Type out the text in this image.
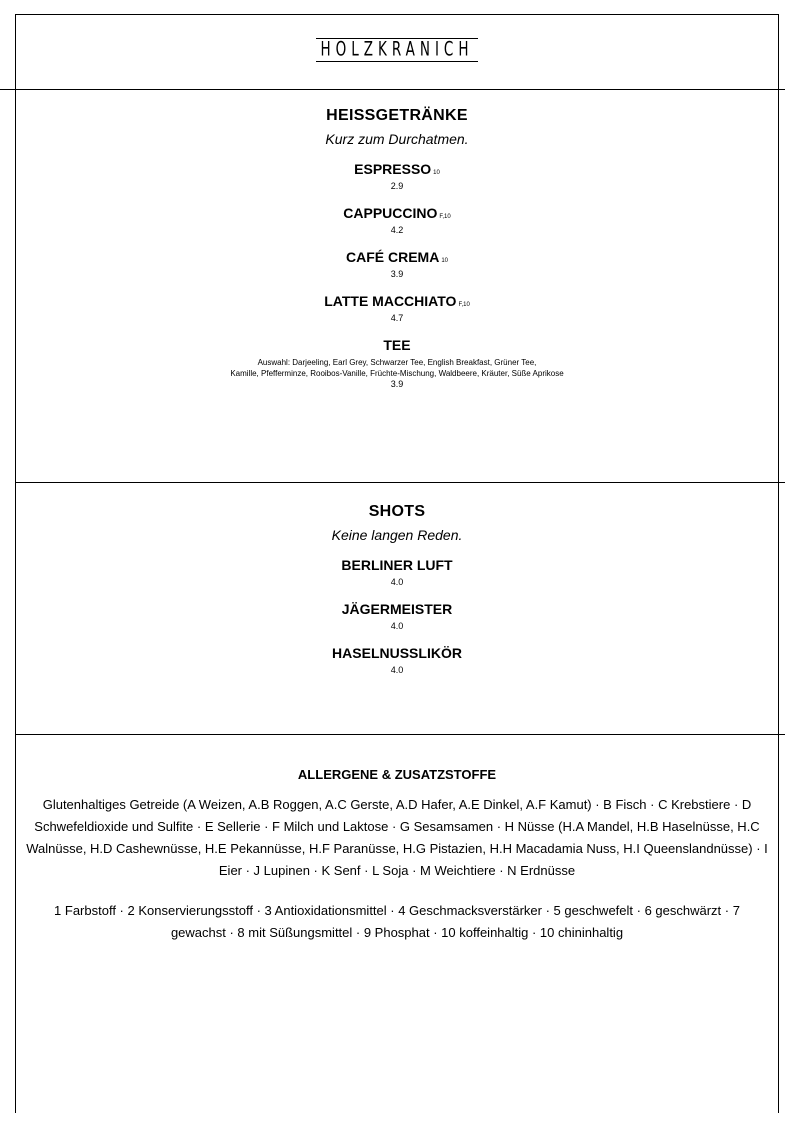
HOLZKRANICH
HEISSGETRÄNKE
Kurz zum Durchatmen.
ESPRESSO 10
2.9
CAPPUCCINO F,10
4.2
CAFÉ CREMA 10
3.9
LATTE MACCHIATO F,10
4.7
TEE
Auswahl: Darjeeling, Earl Grey, Schwarzer Tee, English Breakfast, Grüner Tee,
Kamille, Pfefferminze, Rooibos-Vanille, Früchte-Mischung, Waldbeere, Kräuter, Süße Aprikose
3.9
SHOTS
Keine langen Reden.
BERLINER LUFT
4.0
JÄGERMEISTER
4.0
HASELNUSSLIKÖR
4.0
ALLERGENE & ZUSATZSTOFFE
Glutenhaltiges Getreide (A Weizen, A.B Roggen, A.C Gerste, A.D Hafer, A.E Dinkel, A.F Kamut) · B Fisch · C Krebstiere · D Schwefeldioxide und Sulfite · E Sellerie · F Milch und Laktose · G Sesamsamen · H Nüsse (H.A Mandel, H.B Haselnüsse, H.C Walnüsse, H.D Cashewnüsse, H.E Pekannüsse, H.F Paranüsse, H.G Pistazien, H.H Macadamia Nuss, H.I Queenslandnüsse) · I Eier · J Lupinen · K Senf · L Soja · M Weichtiere · N Erdnüsse
1 Farbstoff · 2 Konservierungsstoff · 3 Antioxidationsmittel · 4 Geschmacksverstärker · 5 geschwefelt · 6 geschwärzt · 7 gewachst · 8 mit Süßungsmittel · 9 Phosphat · 10 koffeinhaltig · 10 chininhaltig
